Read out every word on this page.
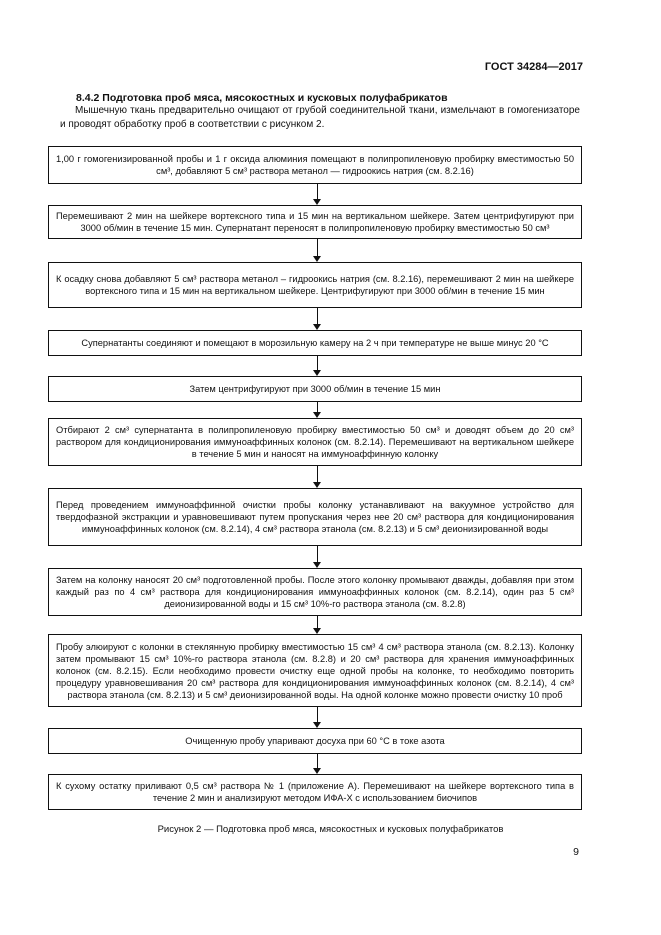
ГОСТ 34284—2017
8.4.2 Подготовка проб мяса, мясокостных и кусковых полуфабрикатов
Мышечную ткань предварительно очищают от грубой соединительной ткани, измельчают в гомогенизаторе и проводят обработку проб в соответствии с рисунком 2.
1,00 г гомогенизированной пробы и 1 г оксида алюминия помещают в полипропиленовую пробирку вместимостью 50 см³, добавляют 5 см³ раствора метанол — гидроокись натрия (см. 8.2.16)
Перемешивают 2 мин на шейкере вортексного типа и 15 мин на вертикальном шейкере. Затем центрифугируют при 3000 об/мин в течение 15 мин. Супернатант переносят в полипропиленовую пробирку вместимостью 50 см³
К осадку снова добавляют 5 см³ раствора метанол – гидроокись натрия (см. 8.2.16), перемешивают 2 мин на шейкере вортексного типа и 15 мин на вертикальном шейкере. Центрифугируют при 3000 об/мин в течение 15 мин
Супернатанты соединяют и помещают в морозильную камеру на 2 ч при температуре не выше минус 20 °С
Затем центрифугируют при 3000 об/мин в течение 15 мин
Отбирают 2 см³ супернатанта в полипропиленовую пробирку вместимостью 50 см³ и доводят объем до 20 см³ раствором для кондиционирования иммуноаффинных колонок (см. 8.2.14). Перемешивают на вертикальном шейкере в течение 5 мин и наносят на иммуноаффинную колонку
Перед проведением иммуноаффинной очистки пробы колонку устанавливают на вакуумное устройство для твердофазной экстракции и уравновешивают путем пропускания через нее 20 см³ раствора для кондиционирования иммуноаффинных колонок (см. 8.2.14), 4 см³ раствора этанола (см. 8.2.13) и 5 см³ деионизированной воды
Затем на колонку наносят 20 см³ подготовленной пробы. После этого колонку промывают дважды, добавляя при этом каждый раз по 4 см³ раствора для кондиционирования иммуноаффинных колонок (см. 8.2.14), один раз 5 см³ деионизированной воды и 15 см³ 10%-го раствора этанола (см. 8.2.8)
Пробу элюируют с колонки в стеклянную пробирку вместимостью 15 см³ 4 см³ раствора этанола (см. 8.2.13). Колонку затем промывают 15 см³ 10%-го раствора этанола (см. 8.2.8) и 20 см³ раствора для хранения иммуноаффинных колонок (см. 8.2.15). Если необходимо провести очистку еще одной пробы на колонке, то необходимо повторить процедуру уравновешивания 20 см³ раствора для кондиционирования иммуноаффинных колонок (см. 8.2.14), 4 см³ раствора этанола (см. 8.2.13) и 5 см³ деионизированной воды. На одной колонке можно провести очистку 10 проб
Очищенную пробу упаривают досуха при 60 °С в токе азота
К сухому остатку приливают 0,5 см³ раствора № 1 (приложение А). Перемешивают на шейкере вортексного типа в течение 2 мин и анализируют методом ИФА-Х с использованием биочипов
Рисунок 2 — Подготовка проб мяса, мясокостных и кусковых полуфабрикатов
9
